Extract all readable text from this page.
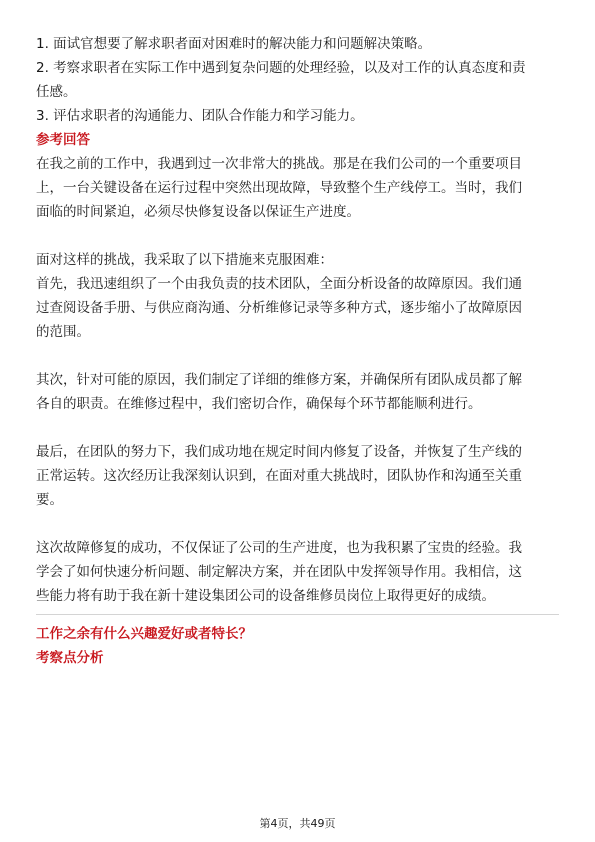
1. 面试官想要了解求职者面对困难时的解决能力和问题解决策略。

2. 考察求职者在实际工作中遇到复杂问题的处理经验，以及对工作的认真态度和责

任感。

3. 评估求职者的沟通能力、团队合作能力和学习能力。

参考回答

在我之前的工作中，我遇到过一次非常大的挑战。那是在我们公司的一个重要项目

上，一台关键设备在运行过程中突然出现故障，导致整个生产线停工。当时，我们

面临的时间紧迫，必须尽快修复设备以保证生产进度。

面对这样的挑战，我采取了以下措施来克服困难：

首先，我迅速组织了一个由我负责的技术团队，全面分析设备的故障原因。我们通

过查阅设备手册、与供应商沟通、分析维修记录等多种方式，逐步缩小了故障原因

的范围。

其次，针对可能的原因，我们制定了详细的维修方案，并确保所有团队成员都了解

各自的职责。在维修过程中，我们密切合作，确保每个环节都能顺利进行。

最后，在团队的努力下，我们成功地在规定时间内修复了设备，并恢复了生产线的

正常运转。这次经历让我深刻认识到，在面对重大挑战时，团队协作和沟通至关重

要。

这次故障修复的成功，不仅保证了公司的生产进度，也为我积累了宝贵的经验。我

学会了如何快速分析问题、制定解决方案，并在团队中发挥领导作用。我相信，这

些能力将有助于我在新十建设集团公司的设备维修员岗位上取得更好的成绩。

工作之余有什么兴趣爱好或者特长？

考察点分析

第4页，共49页
